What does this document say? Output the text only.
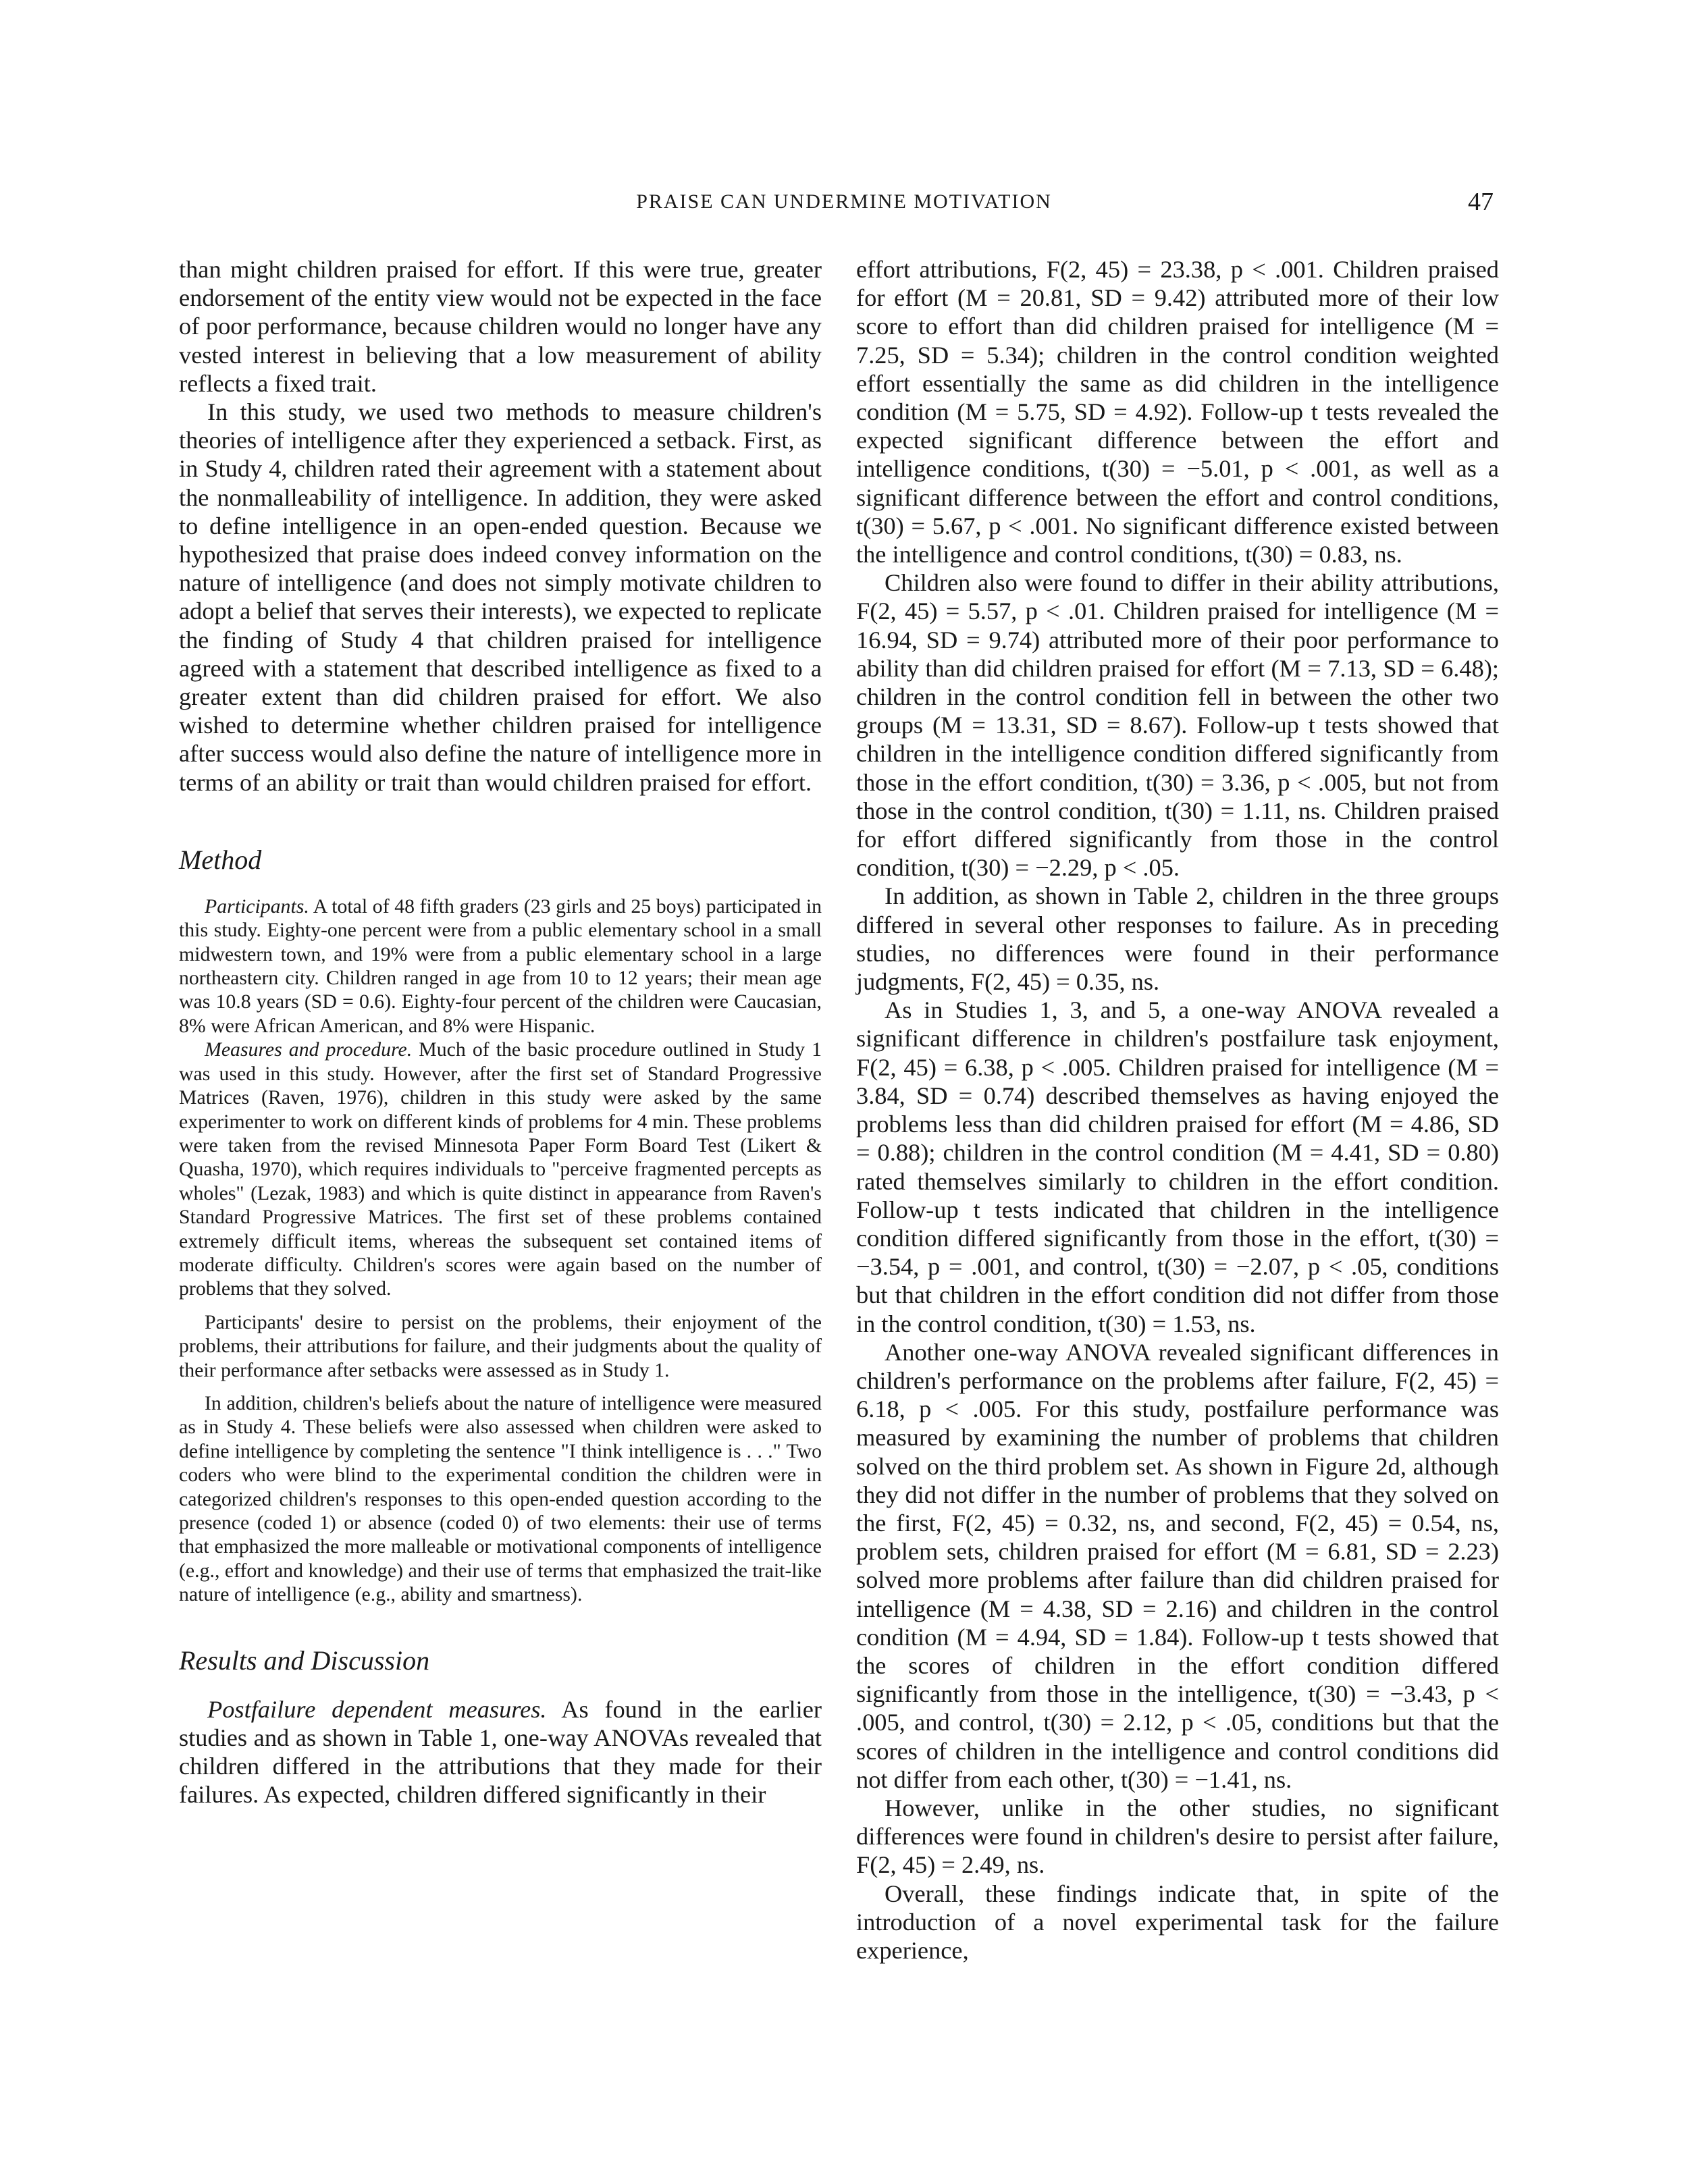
PRAISE CAN UNDERMINE MOTIVATION	47

than might children praised for effort. If this were true, greater endorsement of the entity view would not be expected in the face of poor performance, because children would no longer have any vested interest in believing that a low measurement of ability reflects a fixed trait.

In this study, we used two methods to measure children's theories of intelligence after they experienced a setback. First, as in Study 4, children rated their agreement with a statement about the nonmalleability of intelligence. In addition, they were asked to define intelligence in an open-ended question. Because we hypothesized that praise does indeed convey information on the nature of intelligence (and does not simply motivate children to adopt a belief that serves their interests), we expected to replicate the finding of Study 4 that children praised for intelligence agreed with a statement that described intelligence as fixed to a greater extent than did children praised for effort. We also wished to determine whether children praised for intelligence after success would also define the nature of intelligence more in terms of an ability or trait than would children praised for effort.

Method

Participants. A total of 48 fifth graders (23 girls and 25 boys) participated in this study. Eighty-one percent were from a public elementary school in a small midwestern town, and 19% were from a public elementary school in a large northeastern city. Children ranged in age from 10 to 12 years; their mean age was 10.8 years (SD = 0.6). Eighty-four percent of the children were Caucasian, 8% were African American, and 8% were Hispanic.

Measures and procedure. Much of the basic procedure outlined in Study 1 was used in this study. However, after the first set of Standard Progressive Matrices (Raven, 1976), children in this study were asked by the same experimenter to work on different kinds of problems for 4 min. These problems were taken from the revised Minnesota Paper Form Board Test (Likert & Quasha, 1970), which requires individuals to "perceive fragmented percepts as wholes" (Lezak, 1983) and which is quite distinct in appearance from Raven's Standard Progressive Matrices. The first set of these problems contained extremely difficult items, whereas the subsequent set contained items of moderate difficulty. Children's scores were again based on the number of problems that they solved.

Participants' desire to persist on the problems, their enjoyment of the problems, their attributions for failure, and their judgments about the quality of their performance after setbacks were assessed as in Study 1.

In addition, children's beliefs about the nature of intelligence were measured as in Study 4. These beliefs were also assessed when children were asked to define intelligence by completing the sentence "I think intelligence is . . ." Two coders who were blind to the experimental condition the children were in categorized children's responses to this open-ended question according to the presence (coded 1) or absence (coded 0) of two elements: their use of terms that emphasized the more malleable or motivational components of intelligence (e.g., effort and knowledge) and their use of terms that emphasized the trait-like nature of intelligence (e.g., ability and smartness).

Results and Discussion

Postfailure dependent measures. As found in the earlier studies and as shown in Table 1, one-way ANOVAs revealed that children differed in the attributions that they made for their failures. As expected, children differed significantly in their

effort attributions, F(2, 45) = 23.38, p < .001. Children praised for effort (M = 20.81, SD = 9.42) attributed more of their low score to effort than did children praised for intelligence (M = 7.25, SD = 5.34); children in the control condition weighted effort essentially the same as did children in the intelligence condition (M = 5.75, SD = 4.92). Follow-up t tests revealed the expected significant difference between the effort and intelligence conditions, t(30) = −5.01, p < .001, as well as a significant difference between the effort and control conditions, t(30) = 5.67, p < .001. No significant difference existed between the intelligence and control conditions, t(30) = 0.83, ns.

Children also were found to differ in their ability attributions, F(2, 45) = 5.57, p < .01. Children praised for intelligence (M = 16.94, SD = 9.74) attributed more of their poor performance to ability than did children praised for effort (M = 7.13, SD = 6.48); children in the control condition fell in between the other two groups (M = 13.31, SD = 8.67). Follow-up t tests showed that children in the intelligence condition differed significantly from those in the effort condition, t(30) = 3.36, p < .005, but not from those in the control condition, t(30) = 1.11, ns. Children praised for effort differed significantly from those in the control condition, t(30) = −2.29, p < .05.

In addition, as shown in Table 2, children in the three groups differed in several other responses to failure. As in preceding studies, no differences were found in their performance judgments, F(2, 45) = 0.35, ns.

As in Studies 1, 3, and 5, a one-way ANOVA revealed a significant difference in children's postfailure task enjoyment, F(2, 45) = 6.38, p < .005. Children praised for intelligence (M = 3.84, SD = 0.74) described themselves as having enjoyed the problems less than did children praised for effort (M = 4.86, SD = 0.88); children in the control condition (M = 4.41, SD = 0.80) rated themselves similarly to children in the effort condition. Follow-up t tests indicated that children in the intelligence condition differed significantly from those in the effort, t(30) = −3.54, p = .001, and control, t(30) = −2.07, p < .05, conditions but that children in the effort condition did not differ from those in the control condition, t(30) = 1.53, ns.

Another one-way ANOVA revealed significant differences in children's performance on the problems after failure, F(2, 45) = 6.18, p < .005. For this study, postfailure performance was measured by examining the number of problems that children solved on the third problem set. As shown in Figure 2d, although they did not differ in the number of problems that they solved on the first, F(2, 45) = 0.32, ns, and second, F(2, 45) = 0.54, ns, problem sets, children praised for effort (M = 6.81, SD = 2.23) solved more problems after failure than did children praised for intelligence (M = 4.38, SD = 2.16) and children in the control condition (M = 4.94, SD = 1.84). Follow-up t tests showed that the scores of children in the effort condition differed significantly from those in the intelligence, t(30) = −3.43, p < .005, and control, t(30) = 2.12, p < .05, conditions but that the scores of children in the intelligence and control conditions did not differ from each other, t(30) = −1.41, ns.

However, unlike in the other studies, no significant differences were found in children's desire to persist after failure, F(2, 45) = 2.49, ns.

Overall, these findings indicate that, in spite of the introduction of a novel experimental task for the failure experience,
